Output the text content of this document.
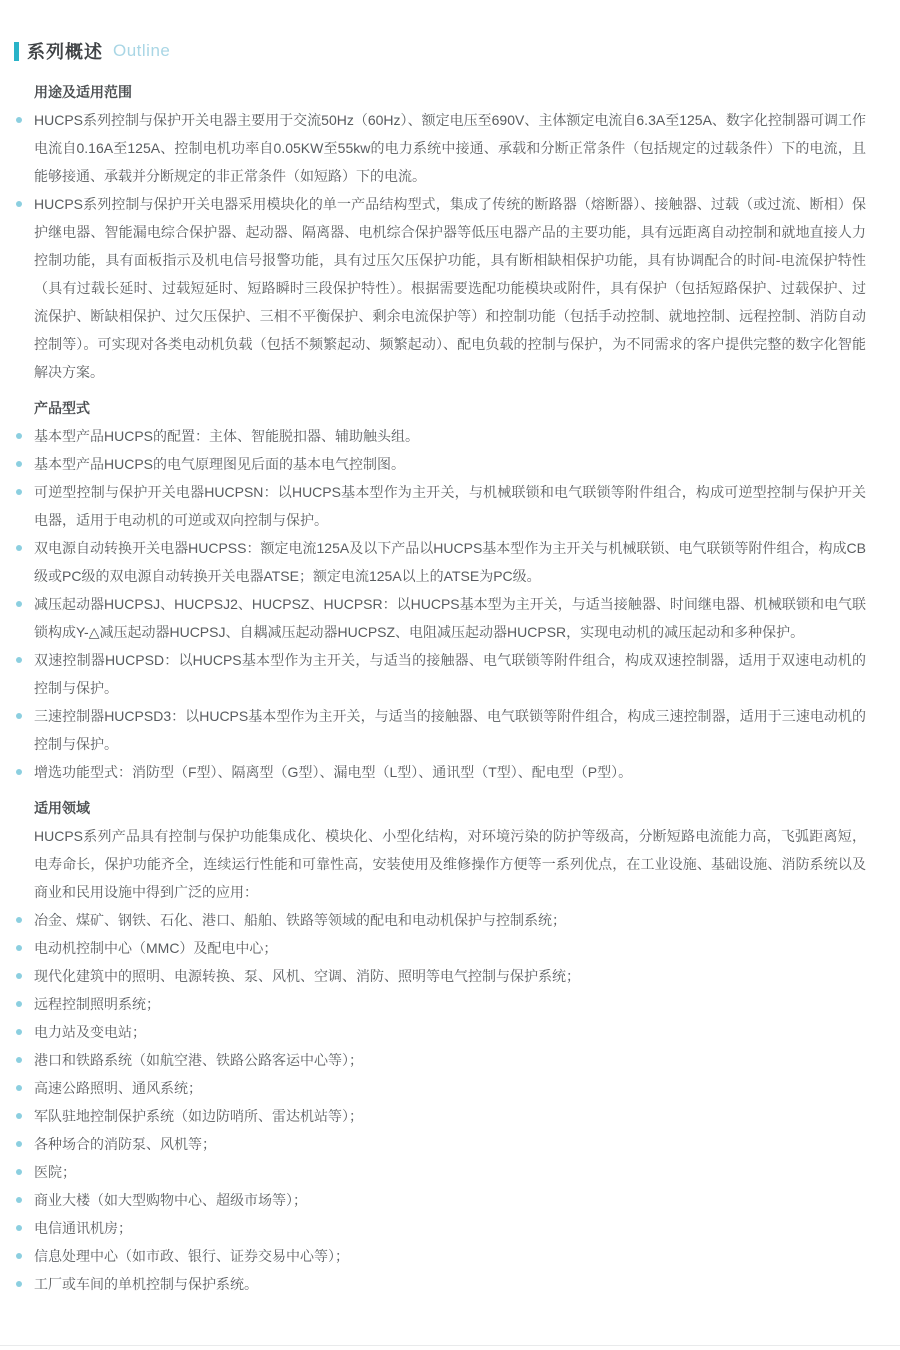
系列概述 Outline
用途及适用范围
HUCPS系列控制与保护开关电器主要用于交流50Hz（60Hz）、额定电压至690V、主体额定电流自6.3A至125A、数字化控制器可调工作电流自0.16A至125A、控制电机功率自0.05KW至55kw的电力系统中接通、承载和分断正常条件（包括规定的过载条件）下的电流，且能够接通、承载并分断规定的非正常条件（如短路）下的电流。
HUCPS系列控制与保护开关电器采用模块化的单一产品结构型式，集成了传统的断路器（熔断器）、接触器、过载（或过流、断相）保护继电器、智能漏电综合保护器、起动器、隔离器、电机综合保护器等低压电器产品的主要功能，具有远距离自动控制和就地直接人力控制功能，具有面板指示及机电信号报警功能，具有过压欠压保护功能，具有断相缺相保护功能，具有协调配合的时间-电流保护特性（具有过载长延时、过载短延时、短路瞬时三段保护特性）。根据需要选配功能模块或附件，具有保护（包括短路保护、过载保护、过流保护、断缺相保护、过欠压保护、三相不平衡保护、剩余电流保护等）和控制功能（包括手动控制、就地控制、远程控制、消防自动控制等）。可实现对各类电动机负载（包括不频繁起动、频繁起动）、配电负载的控制与保护，为不同需求的客户提供完整的数字化智能解决方案。
产品型式
基本型产品HUCPS的配置：主体、智能脱扣器、辅助触头组。
基本型产品HUCPS的电气原理图见后面的基本电气控制图。
可逆型控制与保护开关电器HUCPSN：以HUCPS基本型作为主开关，与机械联锁和电气联锁等附件组合，构成可逆型控制与保护开关电器，适用于电动机的可逆或双向控制与保护。
双电源自动转换开关电器HUCPSS：额定电流125A及以下产品以HUCPS基本型作为主开关与机械联锁、电气联锁等附件组合，构成CB级或PC级的双电源自动转换开关电器ATSE；额定电流125A以上的ATSE为PC级。
减压起动器HUCPSJ、HUCPSJ2、HUCPSZ、HUCPSR：以HUCPS基本型为主开关，与适当接触器、时间继电器、机械联锁和电气联锁构成Y-△减压起动器HUCPSJ、自耦减压起动器HUCPSZ、电阻减压起动器HUCPSR，实现电动机的减压起动和多种保护。
双速控制器HUCPSD：以HUCPS基本型作为主开关，与适当的接触器、电气联锁等附件组合，构成双速控制器，适用于双速电动机的控制与保护。
三速控制器HUCPSD3：以HUCPS基本型作为主开关，与适当的接触器、电气联锁等附件组合，构成三速控制器，适用于三速电动机的控制与保护。
增选功能型式：消防型（F型）、隔离型（G型）、漏电型（L型）、通讯型（T型）、配电型（P型）。
适用领域

HUCPS系列产品具有控制与保护功能集成化、模块化、小型化结构，对环境污染的防护等级高，分断短路电流能力高，飞弧距离短，电寿命长，保护功能齐全，连续运行性能和可靠性高，安装使用及维修操作方便等一系列优点，在工业设施、基础设施、消防系统以及商业和民用设施中得到广泛的应用：

冶金、煤矿、钢铁、石化、港口、船舶、铁路等领域的配电和电动机保护与控制系统；
电动机控制中心（MMC）及配电中心；
现代化建筑中的照明、电源转换、泵、风机、空调、消防、照明等电气控制与保护系统；
远程控制照明系统；
电力站及变电站；
港口和铁路系统（如航空港、铁路公路客运中心等）；
高速公路照明、通风系统；
军队驻地控制保护系统（如边防哨所、雷达机站等）；
各种场合的消防泵、风机等；
医院；
商业大楼（如大型购物中心、超级市场等）；
电信通讯机房；
信息处理中心（如市政、银行、证券交易中心等）；
工厂或车间的单机控制与保护系统。
